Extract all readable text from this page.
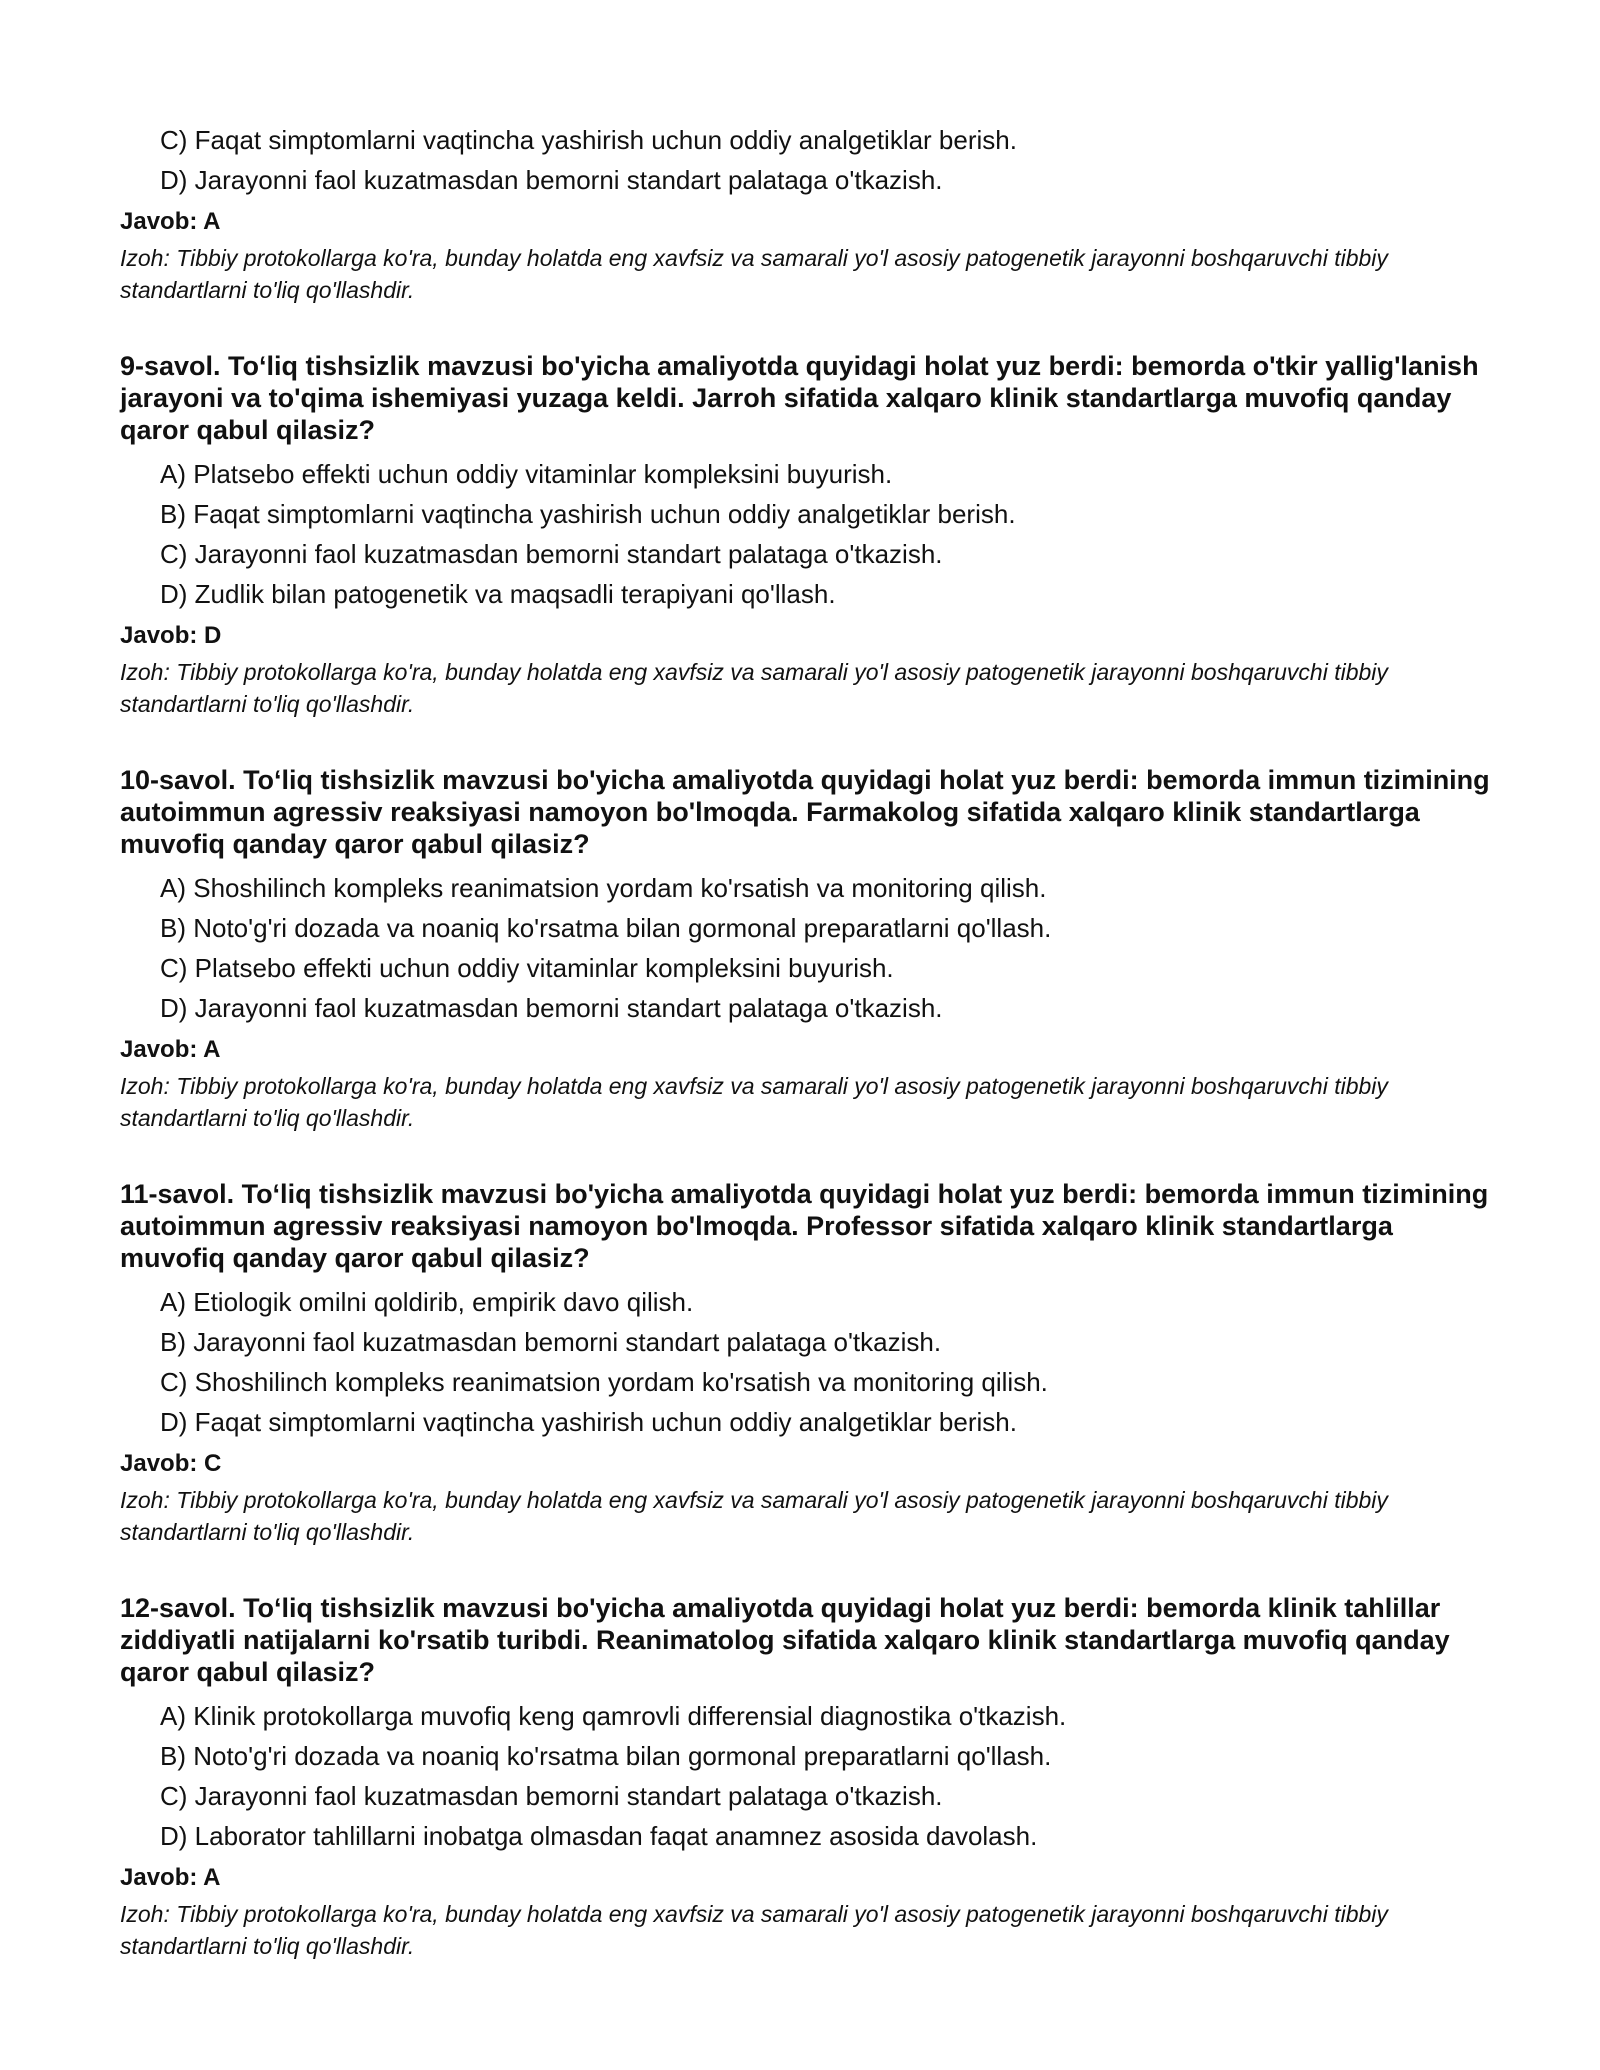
C) Faqat simptomlarni vaqtincha yashirish uchun oddiy analgetiklar berish.

D) Jarayonni faol kuzatmasdan bemorni standart palataga o'tkazish.

Javob: A

Izoh: Tibbiy protokollarga ko'ra, bunday holatda eng xavfsiz va samarali yo'l asosiy patogenetik jarayonni boshqaruvchi tibbiy standartlarni to'liq qo'llashdir.

9-savol. To‘liq tishsizlik mavzusi bo'yicha amaliyotda quyidagi holat yuz berdi: bemorda o'tkir yallig'lanish jarayoni va to'qima ishemiyasi yuzaga keldi. Jarroh sifatida xalqaro klinik standartlarga muvofiq qanday qaror qabul qilasiz?

A) Platsebo effekti uchun oddiy vitaminlar kompleksini buyurish.

B) Faqat simptomlarni vaqtincha yashirish uchun oddiy analgetiklar berish.

C) Jarayonni faol kuzatmasdan bemorni standart palataga o'tkazish.

D) Zudlik bilan patogenetik va maqsadli terapiyani qo'llash.

Javob: D

Izoh: Tibbiy protokollarga ko'ra, bunday holatda eng xavfsiz va samarali yo'l asosiy patogenetik jarayonni boshqaruvchi tibbiy standartlarni to'liq qo'llashdir.

10-savol. To‘liq tishsizlik mavzusi bo'yicha amaliyotda quyidagi holat yuz berdi: bemorda immun tizimining autoimmun agressiv reaksiyasi namoyon bo'lmoqda. Farmakolog sifatida xalqaro klinik standartlarga muvofiq qanday qaror qabul qilasiz?

A) Shoshilinch kompleks reanimatsion yordam ko'rsatish va monitoring qilish.

B) Noto'g'ri dozada va noaniq ko'rsatma bilan gormonal preparatlarni qo'llash.

C) Platsebo effekti uchun oddiy vitaminlar kompleksini buyurish.

D) Jarayonni faol kuzatmasdan bemorni standart palataga o'tkazish.

Javob: A

Izoh: Tibbiy protokollarga ko'ra, bunday holatda eng xavfsiz va samarali yo'l asosiy patogenetik jarayonni boshqaruvchi tibbiy standartlarni to'liq qo'llashdir.

11-savol. To‘liq tishsizlik mavzusi bo'yicha amaliyotda quyidagi holat yuz berdi: bemorda immun tizimining autoimmun agressiv reaksiyasi namoyon bo'lmoqda. Professor sifatida xalqaro klinik standartlarga muvofiq qanday qaror qabul qilasiz?

A) Etiologik omilni qoldirib, empirik davo qilish.

B) Jarayonni faol kuzatmasdan bemorni standart palataga o'tkazish.

C) Shoshilinch kompleks reanimatsion yordam ko'rsatish va monitoring qilish.

D) Faqat simptomlarni vaqtincha yashirish uchun oddiy analgetiklar berish.

Javob: C

Izoh: Tibbiy protokollarga ko'ra, bunday holatda eng xavfsiz va samarali yo'l asosiy patogenetik jarayonni boshqaruvchi tibbiy standartlarni to'liq qo'llashdir.

12-savol. To‘liq tishsizlik mavzusi bo'yicha amaliyotda quyidagi holat yuz berdi: bemorda klinik tahlillar ziddiyatli natijalarni ko'rsatib turibdi. Reanimatolog sifatida xalqaro klinik standartlarga muvofiq qanday qaror qabul qilasiz?

A) Klinik protokollarga muvofiq keng qamrovli differensial diagnostika o'tkazish.

B) Noto'g'ri dozada va noaniq ko'rsatma bilan gormonal preparatlarni qo'llash.

C) Jarayonni faol kuzatmasdan bemorni standart palataga o'tkazish.

D) Laborator tahlillarni inobatga olmasdan faqat anamnez asosida davolash.

Javob: A

Izoh: Tibbiy protokollarga ko'ra, bunday holatda eng xavfsiz va samarali yo'l asosiy patogenetik jarayonni boshqaruvchi tibbiy standartlarni to'liq qo'llashdir.
